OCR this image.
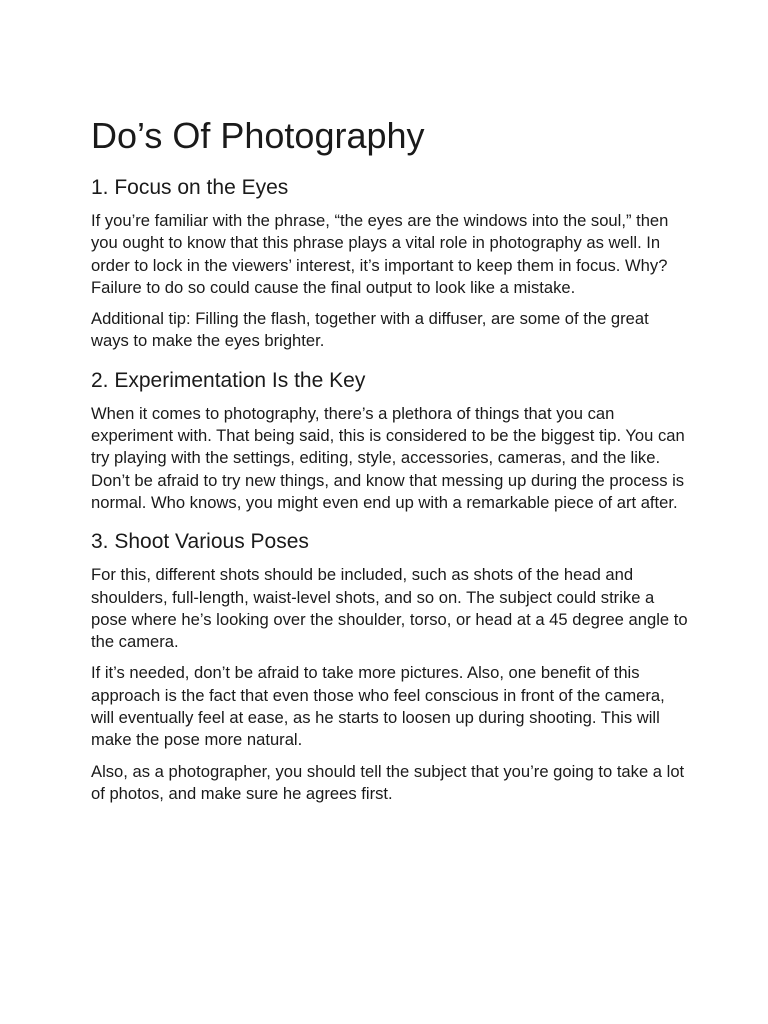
Do’s Of Photography
1. Focus on the Eyes

If you’re familiar with the phrase, “the eyes are the windows into the soul,” then you ought to know that this phrase plays a vital role in photography as well. In order to lock in the viewers’ interest, it’s important to keep them in focus. Why? Failure to do so could cause the final output to look like a mistake.

Additional tip: Filling the flash, together with a diffuser, are some of the great ways to make the eyes brighter.

2. Experimentation Is the Key

When it comes to photography, there’s a plethora of things that you can experiment with. That being said, this is considered to be the biggest tip. You can try playing with the settings, editing, style, accessories, cameras, and the like. Don’t be afraid to try new things, and know that messing up during the process is normal. Who knows, you might even end up with a remarkable piece of art after.

3. Shoot Various Poses

For this, different shots should be included, such as shots of the head and shoulders, full-length, waist-level shots, and so on. The subject could strike a pose where he’s looking over the shoulder, torso, or head at a 45 degree angle to the camera.

If it’s needed, don’t be afraid to take more pictures. Also, one benefit of this approach is the fact that even those who feel conscious in front of the camera, will eventually feel at ease, as he starts to loosen up during shooting. This will make the pose more natural.

Also, as a photographer, you should tell the subject that you’re going to take a lot of photos, and make sure he agrees first.
